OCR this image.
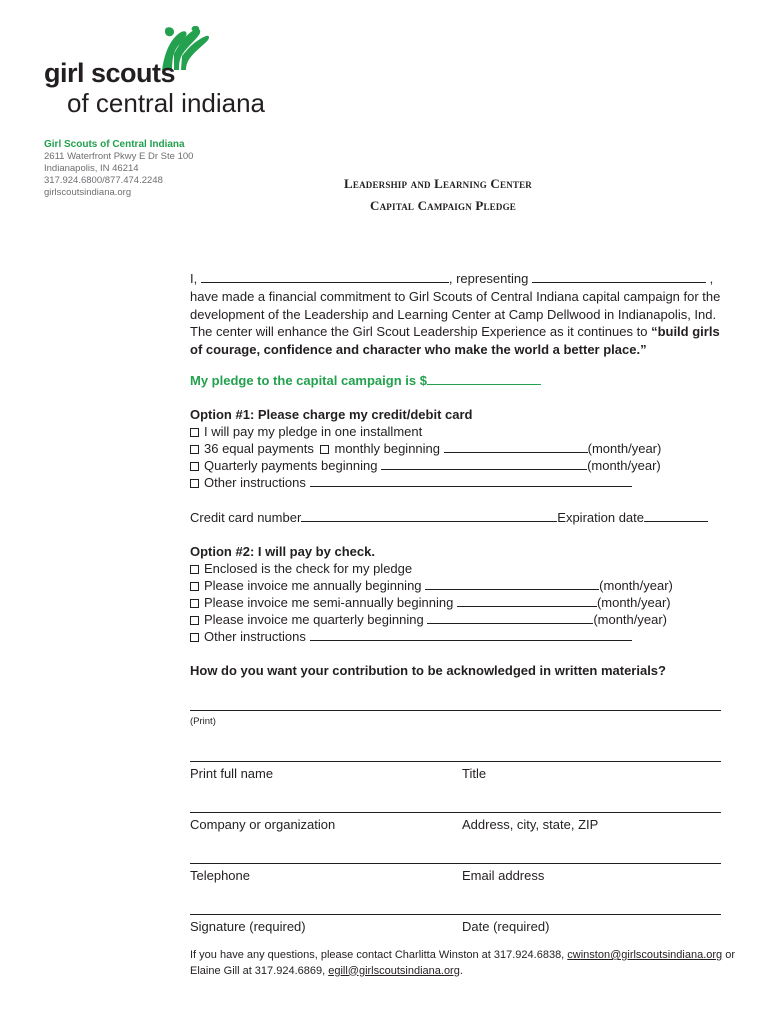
girl scouts
of central indiana
Girl Scouts of Central Indiana
2611 Waterfront Pkwy E Dr Ste 100
Indianapolis, IN 46214
317.924.6800/877.474.2248
girlscoutsindiana.org
Leadership and Learning Center
Capital Campaign Pledge
I,	, representing	,
have made a financial commitment to Girl Scouts of Central Indiana capital campaign for the development of the Leadership and Learning Center at Camp Dellwood in Indianapolis, Ind. The center will enhance the Girl Scout Leadership Experience as it continues to “build girls of courage, confidence and character who make the world a better place.”
My pledge to the capital campaign is $
Option #1: Please charge my credit/debit card
I will pay my pledge in one installment
36 equal payments monthly beginning	(month/year)
Quarterly payments beginning	(month/year)
Other instructions
Credit card number	Expiration date
Option #2: I will pay by check.
Enclosed is the check for my pledge
Please invoice me annually beginning	(month/year)
Please invoice me semi-annually beginning	(month/year)
Please invoice me quarterly beginning	(month/year)
Other instructions
How do you want your contribution to be acknowledged in written materials?
(Print)
Print full name	Title
Company or organization	Address, city, state, ZIP
Telephone	Email address
Signature (required)	Date (required)
If you have any questions, please contact Charlitta Winston at 317.924.6838, cwinston@girlscoutsindiana.org or Elaine Gill at 317.924.6869, egill@girlscoutsindiana.org.
